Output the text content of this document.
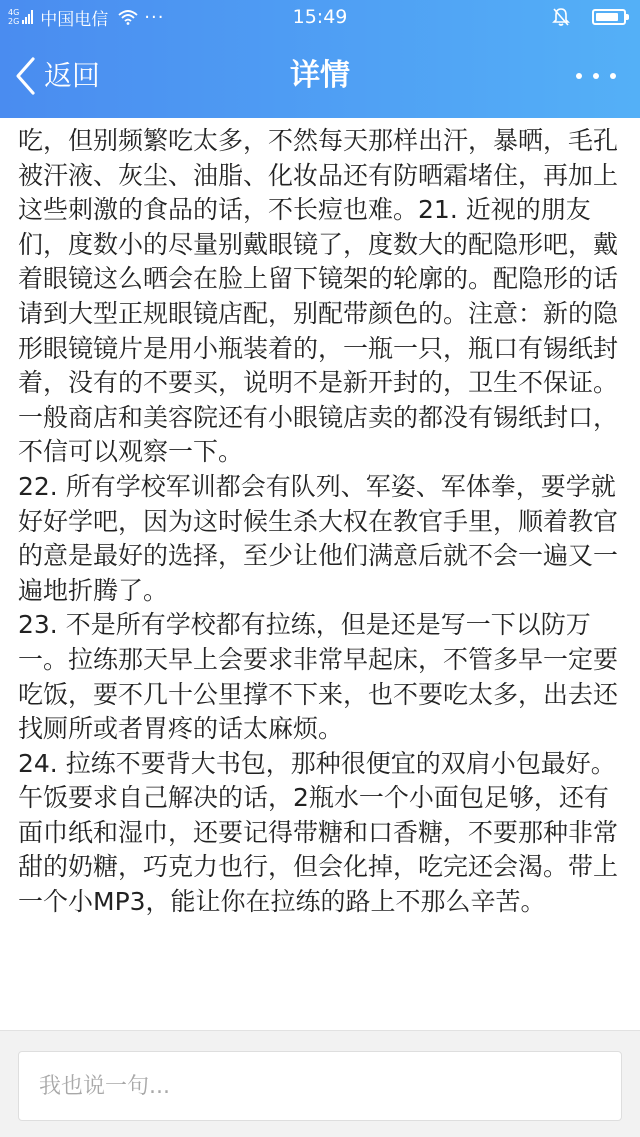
4G
2G 中国电信 ···	15:49
返回	详情
吃，但别频繁吃太多，不然每天那样出汗，暴晒，毛孔被汗液、灰尘、油脂、化妆品还有防晒霜堵住，再加上这些刺激的食品的话，不长痘也难。21. 近视的朋友们，度数小的尽量别戴眼镜了，度数大的配隐形吧，戴着眼镜这么晒会在脸上留下镜架的轮廓的。配隐形的话请到大型正规眼镜店配，别配带颜色的。注意：新的隐形眼镜镜片是用小瓶装着的，一瓶一只，瓶口有锡纸封着，没有的不要买，说明不是新开封的，卫生不保证。一般商店和美容院还有小眼镜店卖的都没有锡纸封口，不信可以观察一下。
22. 所有学校军训都会有队列、军姿、军体拳，要学就好好学吧，因为这时候生杀大权在教官手里，顺着教官的意是最好的选择，至少让他们满意后就不会一遍又一遍地折腾了。
23. 不是所有学校都有拉练，但是还是写一下以防万一。拉练那天早上会要求非常早起床，不管多早一定要吃饭，要不几十公里撑不下来，也不要吃太多，出去还找厕所或者胃疼的话太麻烦。
24. 拉练不要背大书包，那种很便宜的双肩小包最好。午饭要求自己解决的话，2瓶水一个小面包足够，还有面巾纸和湿巾，还要记得带糖和口香糖，不要那种非常甜的奶糖，巧克力也行，但会化掉，吃完还会渴。带上一个小MP3，能让你在拉练的路上不那么辛苦。
我也说一句...
